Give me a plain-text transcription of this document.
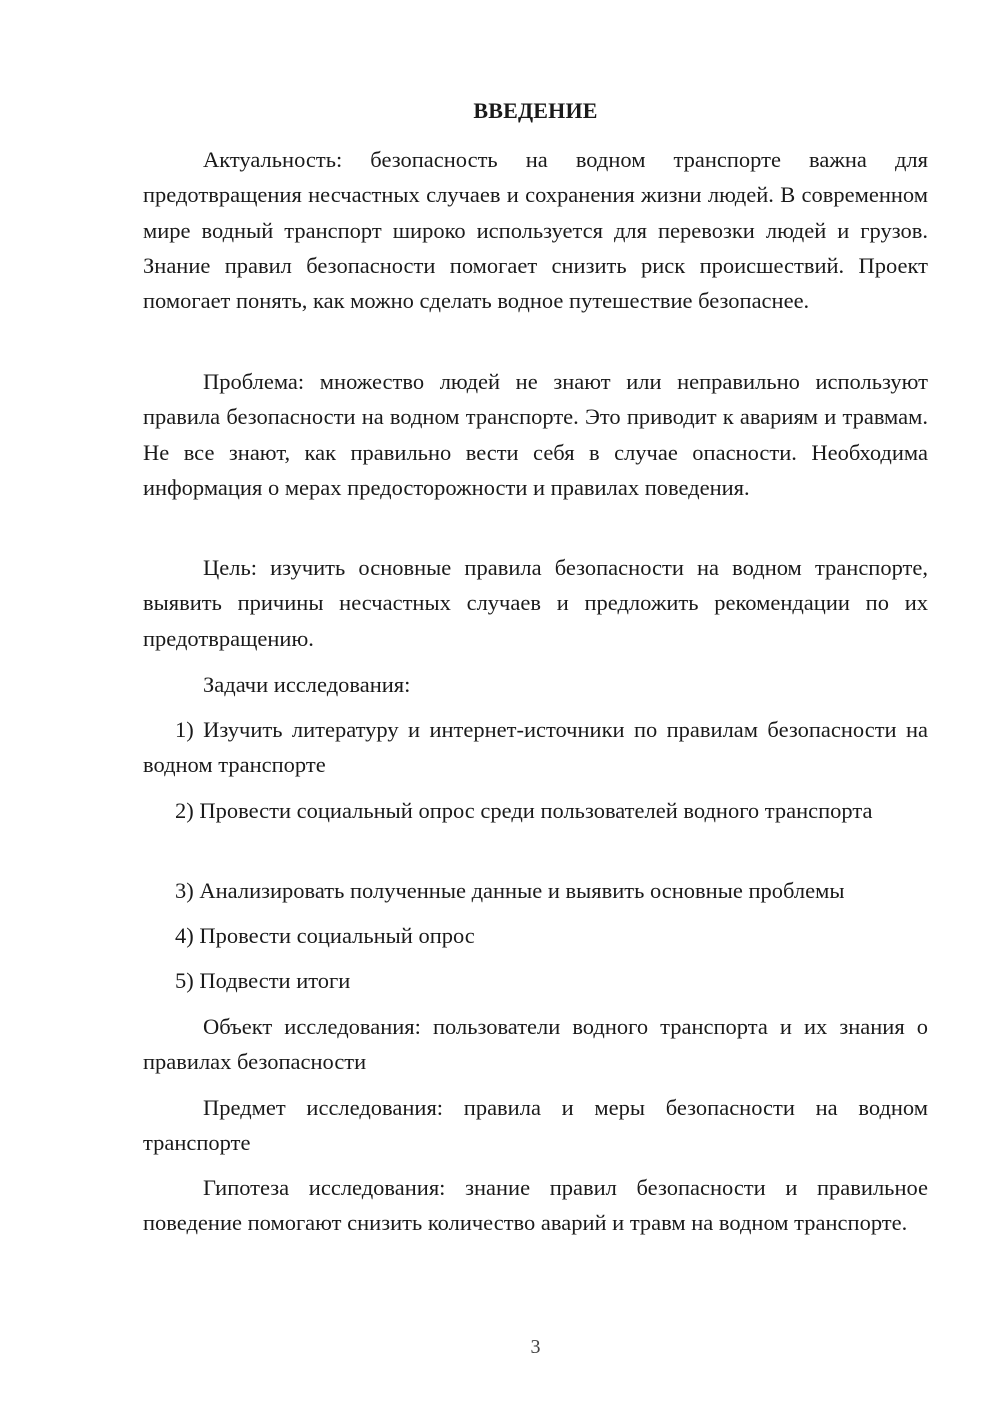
ВВЕДЕНИЕ

Актуальность: безопасность на водном транспорте важна для предотвращения несчастных случаев и сохранения жизни людей. В современном мире водный транспорт широко используется для перевозки людей и грузов. Знание правил безопасности помогает снизить риск происшествий. Проект помогает понять, как можно сделать водное путешествие безопаснее.

Проблема: множество людей не знают или неправильно используют правила безопасности на водном транспорте. Это приводит к авариям и травмам. Не все знают, как правильно вести себя в случае опасности. Необходима информация о мерах предосторожности и правилах поведения.

Цель: изучить основные правила безопасности на водном транспорте, выявить причины несчастных случаев и предложить рекомендации по их предотвращению.

Задачи исследования:

1) Изучить литературу и интернет-источники по правилам безопасности на водном транспорте

2) Провести социальный опрос среди пользователей водного транспорта

3) Анализировать полученные данные и выявить основные проблемы

4) Провести социальный опрос

5) Подвести итоги

Объект исследования: пользователи водного транспорта и их знания о правилах безопасности

Предмет исследования: правила и меры безопасности на водном транспорте

Гипотеза исследования: знание правил безопасности и правильное поведение помогают снизить количество аварий и травм на водном транспорте.

3
